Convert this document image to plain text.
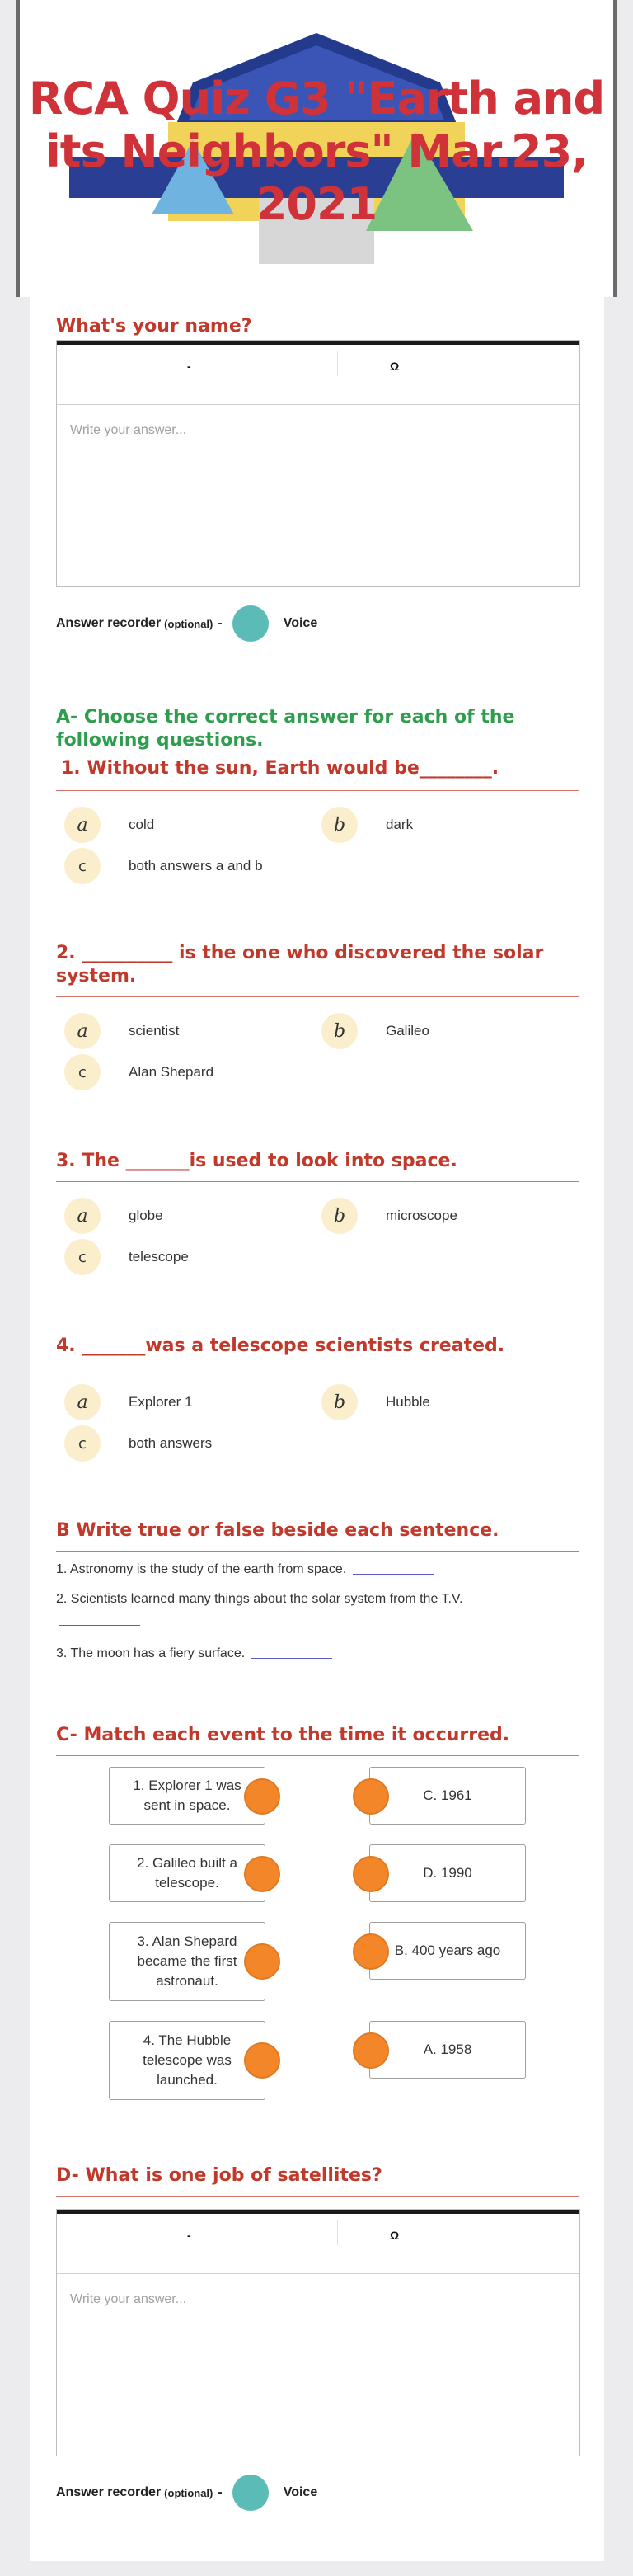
RCA Quiz G3 "Earth and its Neighbors" Mar.23, 2021
What's your name?
-	Ω
Write your answer...
Answer recorder (optional) -	Voice
A- Choose the correct answer for each of the following questions.
1. Without the sun, Earth would be________.
a	cold	b	dark
c	both answers a and b
2. __________ is the one who discovered the solar system.
a	scientist	b	Galileo
c	Alan Shepard
3. The _______is used to look into space.
a	globe	b	microscope
c	telescope
4. _______was a telescope scientists created.
a	Explorer 1	b	Hubble
c	both answers
B Write true or false beside each sentence.
1. Astronomy is the study of the earth from space.
2. Scientists learned many things about the solar system from the T.V.
3. The moon has a fiery surface.
C- Match each event to the time it occurred.
1. Explorer 1 was sent in space.
C. 1961
2. Galileo built a telescope.
D. 1990
3. Alan Shepard became the first astronaut.
B. 400 years ago
4. The Hubble telescope was launched.
A. 1958
D- What is one job of satellites?
-	Ω
Write your answer...
Answer recorder (optional) -	Voice
